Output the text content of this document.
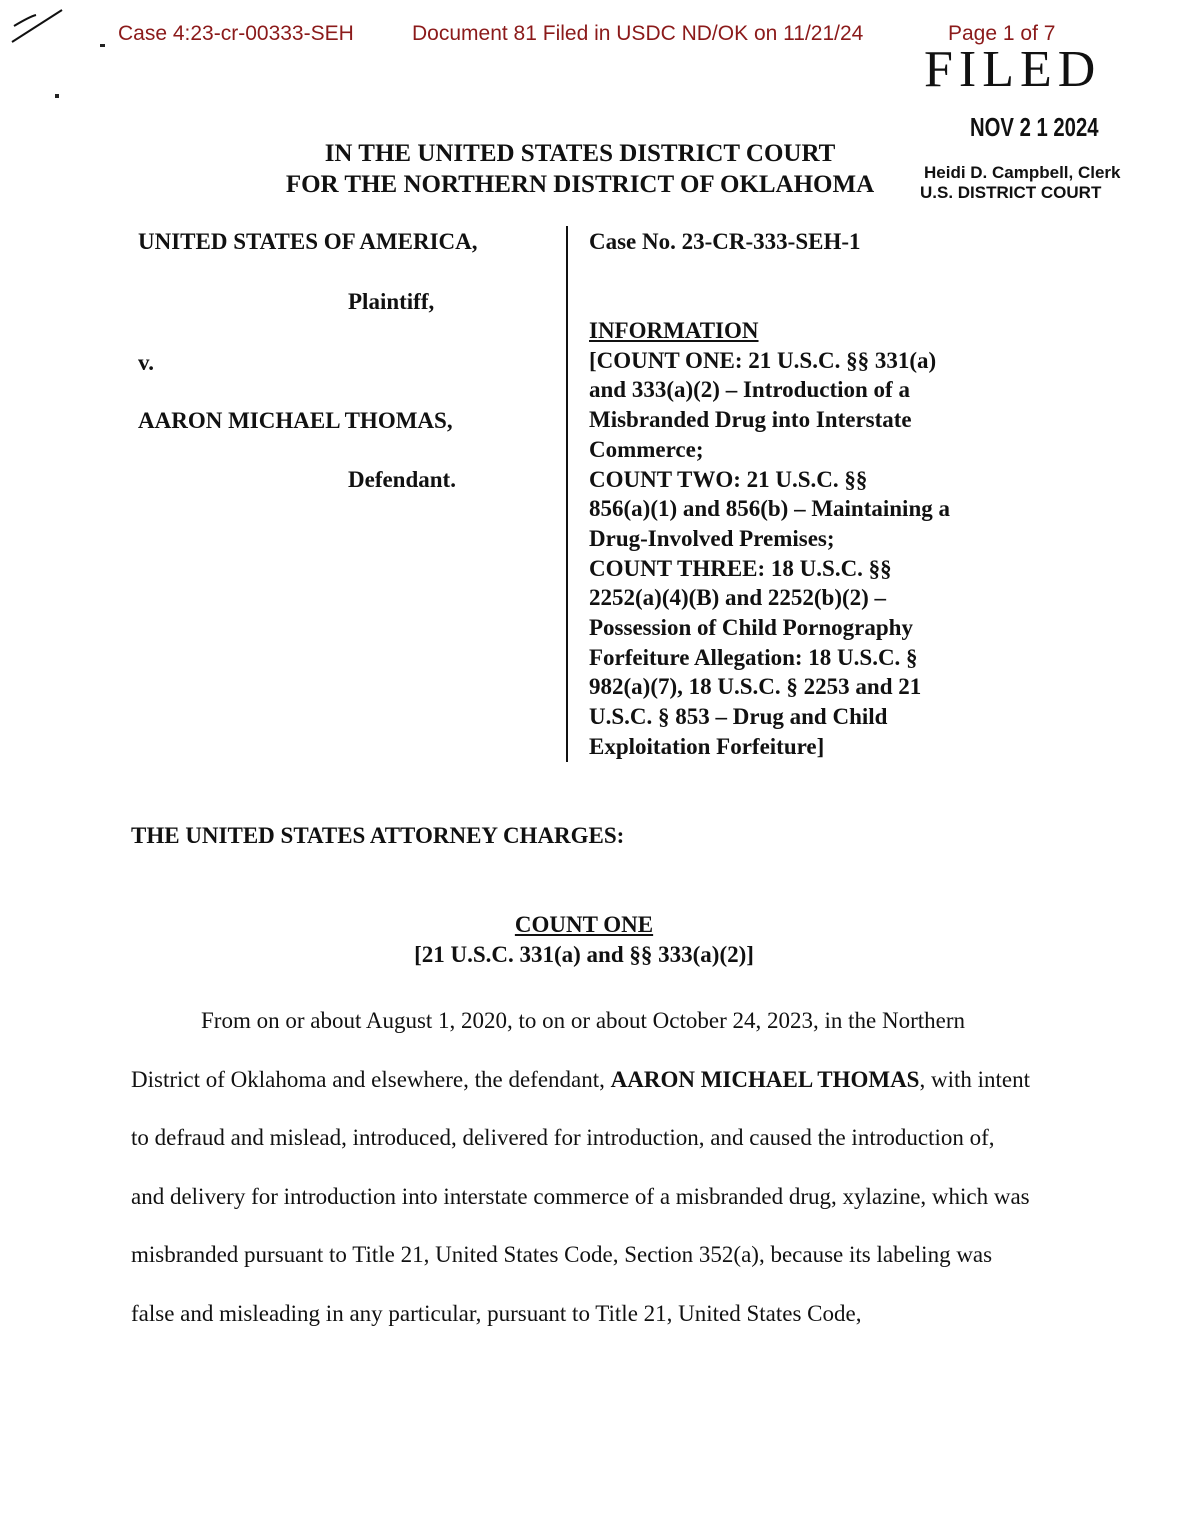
Case 4:23-cr-00333-SEH	Document 81 Filed in USDC ND/OK on 11/21/24	Page 1 of 7
FILED
NOV 2 1 2024
Heidi D. Campbell, Clerk
U.S. DISTRICT COURT
IN THE UNITED STATES DISTRICT COURT
FOR THE NORTHERN DISTRICT OF OKLAHOMA
UNITED STATES OF AMERICA,
Plaintiff,
v.
AARON MICHAEL THOMAS,
Defendant.
Case No. 23-CR-333-SEH-1
INFORMATION
[COUNT ONE: 21 U.S.C. §§ 331(a)
and 333(a)(2) – Introduction of a
Misbranded Drug into Interstate
Commerce;
COUNT TWO: 21 U.S.C. §§
856(a)(1) and 856(b) – Maintaining a
Drug-Involved Premises;
COUNT THREE: 18 U.S.C. §§
2252(a)(4)(B) and 2252(b)(2) –
Possession of Child Pornography
Forfeiture Allegation: 18 U.S.C. §
982(a)(7), 18 U.S.C. § 2253 and 21
U.S.C. § 853 – Drug and Child
Exploitation Forfeiture]
THE UNITED STATES ATTORNEY CHARGES:
COUNT ONE
[21 U.S.C. 331(a) and §§ 333(a)(2)]

From on or about August 1, 2020, to on or about October 24, 2023, in the Northern District of Oklahoma and elsewhere, the defendant, AARON MICHAEL THOMAS, with intent to defraud and mislead, introduced, delivered for introduction, and caused the introduction of, and delivery for introduction into interstate commerce of a misbranded drug, xylazine, which was misbranded pursuant to Title 21, United States Code, Section 352(a), because its labeling was false and misleading in any particular, pursuant to Title 21, United States Code,
